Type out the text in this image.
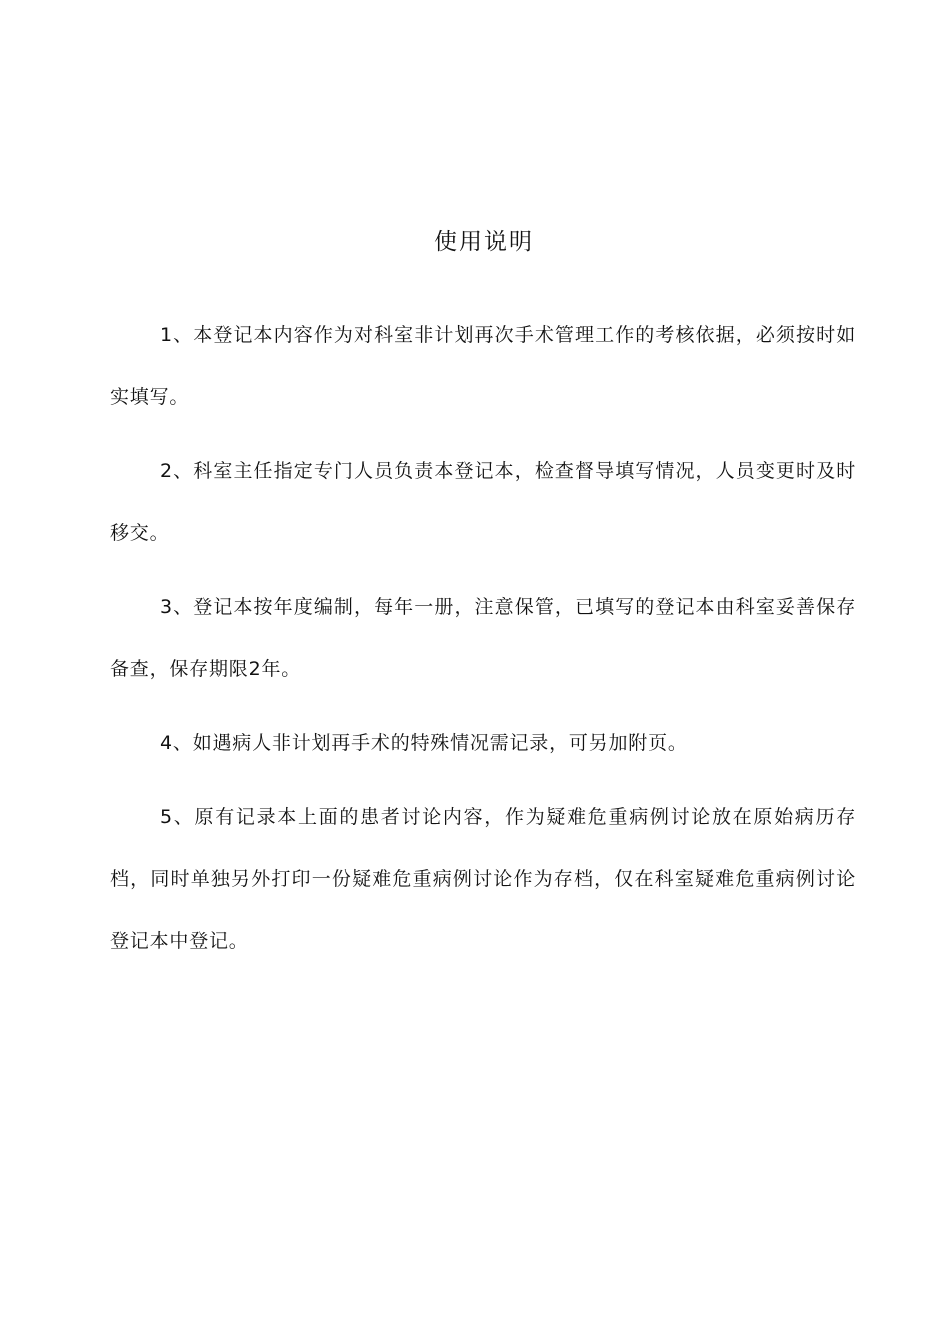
使用说明

1、本登记本内容作为对科室非计划再次手术管理工作的考核依据，必须按时如实填写。

2、科室主任指定专门人员负责本登记本，检查督导填写情况，人员变更时及时移交。

3、登记本按年度编制，每年一册，注意保管，已填写的登记本由科室妥善保存备查，保存期限2年。

4、如遇病人非计划再手术的特殊情况需记录，可另加附页。

5、原有记录本上面的患者讨论内容，作为疑难危重病例讨论放在原始病历存档，同时单独另外打印一份疑难危重病例讨论作为存档，仅在科室疑难危重病例讨论登记本中登记。
